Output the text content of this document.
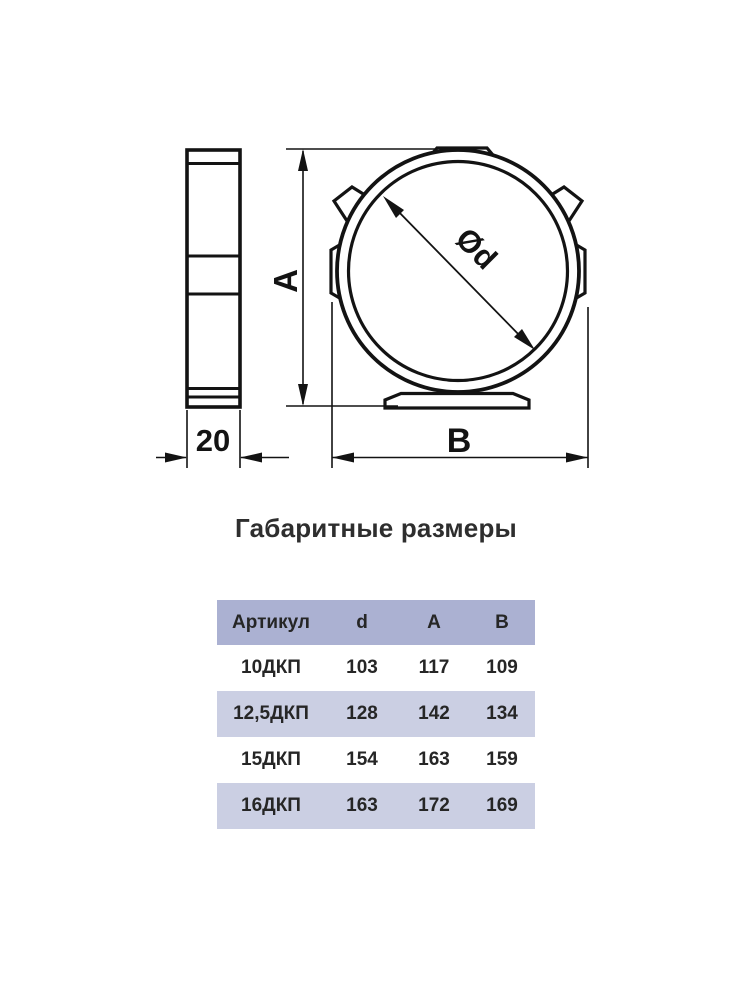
20
Ød
A
B
Габаритные размеры
Артикул	d	A	B
10ДКП	103	117	109
12,5ДКП	128	142	134
15ДКП	154	163	159
16ДКП	163	172	169
